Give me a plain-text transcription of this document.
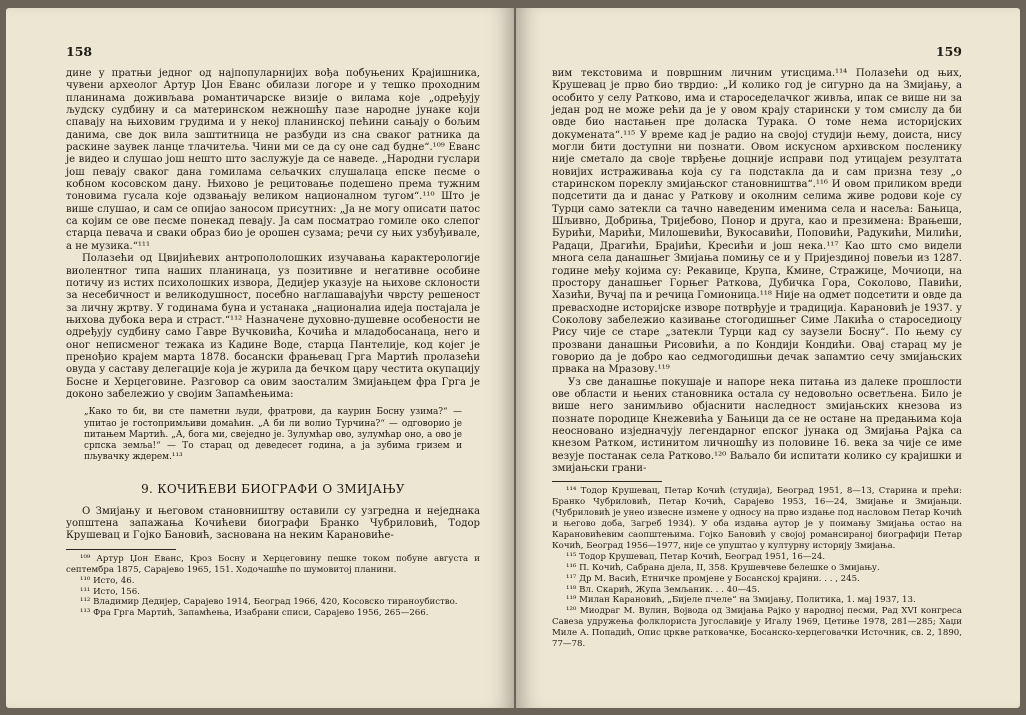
158

дине у пратњи једног од најпопуларнијих вођа побуњених Крајишника, чувени археолог Артур Џон Еванс обилази логоре и у тешко проходним планинама доживљава романтичарске визије о вилама које „одређују људску судбину и са материнском нежношћу пазе народне јунаке који спавају на њиховим грудима и у некој планинској пећини сањају о бољим данима, све док вила заштитница не разбуди из сна сваког ратника да раскине заувек ланце тлачитеља. Чини ми се да су оне сад будне“.¹⁰⁹ Еванс је видео и слушао још нешто што заслужује да се наведе. „Народни гуслари још певају сваког дана гомилама сељачких слушалаца епске песме о кобном косовском дану. Њихово је рецитовање подешено према тужним тоновима гусала које одзвањају великом националном тугом“.¹¹⁰ Што је више слушао, и сам се опијао заносом присутних: „Ја не могу описати патос са којим се ове песме понекад певају. Ја сам посматрао гомиле око слепог старца певача и сваки образ био је орошен сузама; речи су њих узбуђивале, а не музика.“¹¹¹

Полазећи од Цвијићевих антропололошких изучавања карактерологије виолентног типа наших планинаца, уз позитивне и негативне особине потичу из истих психолошких извора, Дедијер указује на њихове склоности за несебичност и великодушност, посебно наглашавајући чврсту решеност за личну жртву. У годинама буна и устанака „националиа идеја постајала је њихова дубока вера и страст.“¹¹² Назначене духовно-душевне особености не одређују судбину само Гавре Вучковића, Кочића и младобосанаца, него и оног неписменог тежака из Кадине Воде, старца Пантелије, код којег је пренођио крајем марта 1878. босански фрањевац Грга Мартић пролазећи овуда у саставу делегације која је журила да бечком цару честита окупацију Босне и Херцеговине. Разговор са овим заосталим Змијањцем фра Грга је доконо забележио у својим Запамћењима:

„Како то би, ви сте паметни људи, фратрови, да каурин Босну узима?“ — упитао је гостопримљиви домаћин. „А би ли волио Турчина?“ — одговорио је питањем Мартић. „А, бога ми, свеједно је. Зулумћар ово, зулумћар оно, а ово је српска земља!“ — То старац од деведесет година, а ја зубима гризем и пљувачку ждерем.¹¹³

9. КОЧИЋЕВИ БИОГРАФИ О ЗМИЈАЊУ

О Змијању и његовом становништву оставили су узгредна и неједнака уопштена запажања Кочићеви биографи Бранко Чубриловић, Тодор Крушевац и Гојко Бановић, заснована на неким Карановиће-

¹⁰⁹ Артур Џон Еванс, Кроз Босну и Херцеговину пешке током побуне августа и септембра 1875, Сарајево 1965, 151. Ходочашће по шумовитој планини.

¹¹⁰ Исто, 46.

¹¹¹ Исто, 156.

¹¹² Владимир Дедијер, Сарајево 1914, Београд 1966, 420, Косовско тираноубиство.

¹¹³ Фра Грга Мартић, Запамћења, Изабрани списи, Сарајево 1956, 265—266.

159

вим текстовима и површним личним утисцима.¹¹⁴ Полазећи од њих, Крушевац је прво био тврдио: „И колико год је сигурно да на Змијању, а особито у селу Ратково, има и староседелачког живља, ипак се више ни за један род не може рећи да је у овом крају старински у том смислу да би овде био настањен пре доласка Турака. О томе нема историјских докумената“.¹¹⁵ У време кад је радио на својој студији њему, доиста, нису могли бити доступни ни познати. Овом искусном архивском посленику није сметало да своје тврђење доцније исправи под утицајем резултата новијих истраживања која су га подстакла да и сам призна тезу „о старинском пореклу змијањског становништва“.¹¹⁶ И овом приликом вреди подсетити да и данас у Раткову и околним селима живе родови које су Турци само затекли са тачно наведеним именима села и насеља: Бањица, Шљивно, Добриња, Тријебово, Понор и друга, као и презимена: Врањеши, Бурићи, Марићи, Милошевићи, Вукосавићи, Поповићи, Радукићи, Милићи, Радаци, Драгићи, Брајићи, Кресићи и још нека.¹¹⁷ Као што смо видели многа села данашњег Змијања помињу се и у Пријездиној повељи из 1287. године међу којима су: Рекавице, Крупа, Кмине, Стражице, Мочиоци, на простору данашњег Горњег Раткова, Дубичка Гора, Соколово, Павићи, Хазићи, Вучај па и речица Гомионица.¹¹⁸ Није на одмет подсетити и овде да превасходне историјске изворе потврђује и традиција. Карановић је 1937. у Соколову забележио казивање стогодишњег Симе Лакића о староседиоцу Рису чије се старе „затекли Турци кад су заузели Босну“. По њему су прозвани данашњи Рисовићи, а по Кондији Кондићи. Овај старац му је говорио да је добро као седмогодишњи дечак запамтио сечу змијањских првака на Мразову.¹¹⁹

Уз све данашње покушаје и напоре нека питања из далеке прошлости ове области и њених становника остала су недовољно осветљена. Било је више него занимљиво објаснити наследност змијањских кнезова из познате породице Кнежевића у Бањици да се не остане на предањима која неосновано изједначују легендарног епског јунака од Змијања Рајка са кнезом Ратком, истинитом личношћу из половине 16. века за чије се име везује постанак села Ратково.¹²⁰ Ваљало би испитати колико су крајишки и змијањски грани-

¹¹⁴ Тодор Крушевац, Петар Кочић (студија), Београд 1951, 8—13, Старина и прећи: Бранко Чубриловић, Петар Кочић, Сарајево 1953, 16—24, Змијање и Змијањци. (Чубриловић је унео извесне измене у односу на прво издање под насловом Петар Кочић и његово доба, Загреб 1934). У оба издања аутор је у поимању Змијања остао на Карановићевим саопштењима. Гојко Бановић у својој романсираној биографији Петар Кочић, Београд 1956—1977, није се упуштао у културну историју Змијања.

¹¹⁵ Тодор Крушевац, Петар Кочић, Београд 1951, 16—24.

¹¹⁶ П. Кочић, Сабрана дјела, II, 358. Крушевчеве белешке о Змијању.

¹¹⁷ Др М. Васић, Етничке промјене у Босанској крајини. . . , 245.

¹¹⁸ Вл. Скарић, Жупа Земљаник. . . 40—45.

¹¹⁹ Милан Карановић, „Бијеле пчеле“ на Змијању, Политика, 1. мај 1937, 13.

¹²⁰ Миодраг М. Вулин, Војвода од Змијања Рајко у народној песми, Рад XVI конгреса Савеза удружења фолклориста Југославије у Игалу 1969, Цетиње 1978, 281—285; Хаџи Миле А. Попадић, Опис цркве ратковачке, Босанско-херцеговачки Источник, св. 2, 1890, 77—78.
